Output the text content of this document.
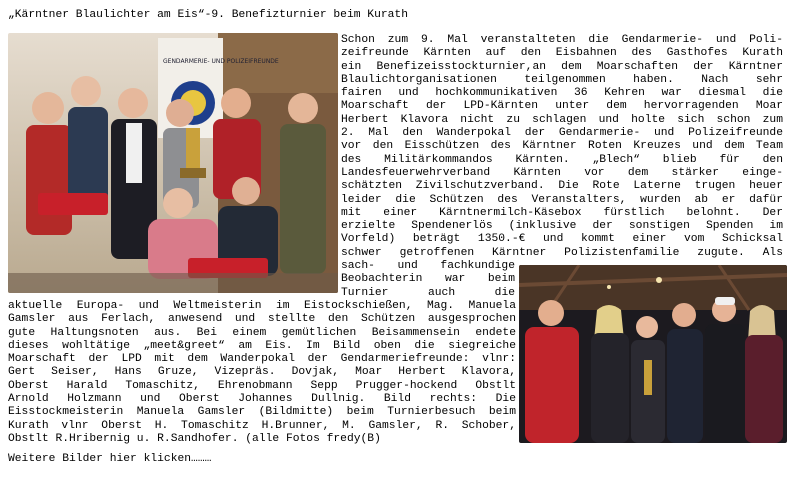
„Kärntner Blaulichter am Eis“-9. Benefizturnier beim Kurath
GENDARMERIE- UND POLIZEIFREUNDE
Schon zum 9. Mal veranstalteten die Gendarmerie- und Poli-
zeifreunde Kärnten auf den Eisbahnen des Gasthofes Kurath
ein Benefizeisstockturnier,an dem Moarschaften der Kärntner
Blaulichtorganisationen teilgenommen haben. Nach sehr
fairen und hochkommunikativen 36 Kehren war diesmal die
Moarschaft der LPD-Kärnten unter dem hervorragenden Moar
Herbert Klavora nicht zu schlagen und holte sich schon zum
2. Mal den Wanderpokal der Gendarmerie- und Polizeifreunde
vor den Eisschützen des Kärntner Roten Kreuzes und dem Team
des Militärkommandos Kärnten. „Blech“ blieb für den
Landesfeuerwehrverband Kärnten vor dem stärker einge-
schätzten Zivilschutzverband. Die Rote Laterne trugen heuer
leider die Schützen des Veranstalters, wurden ab er dafür
mit einer Kärntnermilch-Käsebox fürstlich belohnt. Der
erzielte Spendenerlös (inklusive der sonstigen Spenden im
Vorfeld) beträgt 1350.-€ und kommt einer vom Schicksal
schwer getroffenen Kärntner Polizistenfamilie zugute. Als
sach- und fachkundige
Beobachterin war beim
Turnier auch die
aktuelle Europa- und Weltmeisterin im Eistockschießen, Mag. Manuela
Gamsler aus Ferlach, anwesend und stellte den Schützen ausgesprochen
gute Haltungsnoten aus. Bei einem gemütlichen Beisammensein endete
dieses wohltätige „meet&greet“ am Eis. Im Bild oben die siegreiche
Moarschaft der LPD mit dem Wanderpokal der Gendarmeriefreunde: vlnr:
Gert Seiser, Hans Gruze, Vizepräs. Dovjak, Moar Herbert Klavora,
Oberst Harald Tomaschitz, Ehrenobmann Sepp Prugger-hockend Obstlt
Arnold Holzmann und Oberst Johannes Dullnig. Bild rechts: Die
Eisstockmeisterin Manuela Gamsler (Bildmitte) beim Turnierbesuch beim
Kurath vlnr Oberst H. Tomaschitz H.Brunner, M. Gamsler, R. Schober,
Obstlt R.Hribernig u. R.Sandhofer. (alle Fotos fredy(B)
Weitere Bilder hier klicken………
